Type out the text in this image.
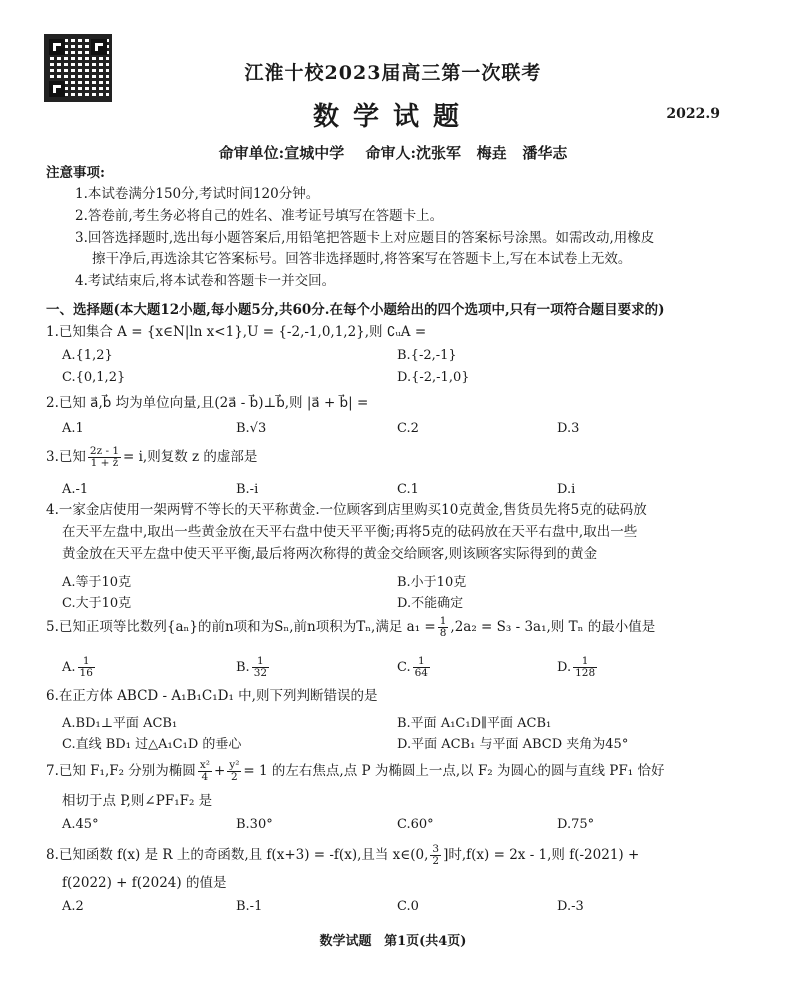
江淮十校2023届高三第一次联考
数学试题	2022.9
命审单位:宣城中学 命审人:沈张军   梅垚   潘华志
注意事项:
1.本试卷满分150分,考试时间120分钟。
2.答卷前,考生务必将自己的姓名、准考证号填写在答题卡上。
3.回答选择题时,选出每小题答案后,用铅笔把答题卡上对应题目的答案标号涂黑。如需改动,用橡皮
擦干净后,再选涂其它答案标号。回答非选择题时,将答案写在答题卡上,写在本试卷上无效。
4.考试结束后,将本试卷和答题卡一并交回。
一、选择题(本大题12小题,每小题5分,共60分.在每个小题给出的四个选项中,只有一项符合题目要求的)
1.已知集合 A = {x∈N|ln x<1},U = {-2,-1,0,1,2},则 ∁ᵤA =
A.{1,2}	B.{-2,-1}
C.{0,1,2}	D.{-2,-1,0}
2.已知 a⃗,b⃗ 均为单位向量,且(2a⃗ - b⃗)⊥b⃗,则 |a⃗ + b⃗| =
A.1	B.√3	C.2	D.3
3.已知 $\frac{2z - 1}{1 + z̄} = i$,则复数 z 的虚部是
A.-1	B.-i	C.1	D.i
4.一家金店使用一架两臂不等长的天平称黄金.一位顾客到店里购买10克黄金,售货员先将5克的砝码放
在天平左盘中,取出一些黄金放在天平右盘中使天平平衡;再将5克的砝码放在天平右盘中,取出一些
黄金放在天平左盘中使天平平衡,最后将两次称得的黄金交给顾客,则该顾客实际得到的黄金
A.等于10克	B.小于10克
C.大于10克	D.不能确定
5.已知正项等比数列{aₙ}的前n项和为Sₙ,前n项积为Tₙ,满足 $a_1 = \frac{1}{8} ,2a_2 = S_3 - 3a_1$,则 Tₙ 的最小值是
A. $\frac{1}{16}$	B. $\frac{1}{32}$	C. $\frac{1}{64}$	D. $\frac{1}{128}$
6.在正方体 ABCD - A₁B₁C₁D₁ 中,则下列判断错误的是
A.BD₁⊥平面 ACB₁	B.平面 A₁C₁D∥平面 ACB₁
C.直线 BD₁ 过△A₁C₁D 的垂心	D.平面 ACB₁ 与平面 ABCD 夹角为45°
7.已知 F₁,F₂ 分别为椭圆 $\frac{\text{x²}}{4} + \frac{\text{y²}}{2} = 1$ 的左右焦点,点 P 为椭圆上一点,以 F₂ 为圆心的圆与直线 PF₁ 恰好
相切于点 P,则∠PF₁F₂ 是
A.45°	B.30°	C.60°	D.75°
8.已知函数 f(x) 是 R 上的奇函数,且 f(x+3) = -f(x),且当 x∈(0, $\frac{3}{2}$ ]时,f(x) = 2x - 1,则 f(-2021) +
f(2022) + f(2024) 的值是
A.2	B.-1	C.0	D.-3
数学试题 第1页(共4页)
